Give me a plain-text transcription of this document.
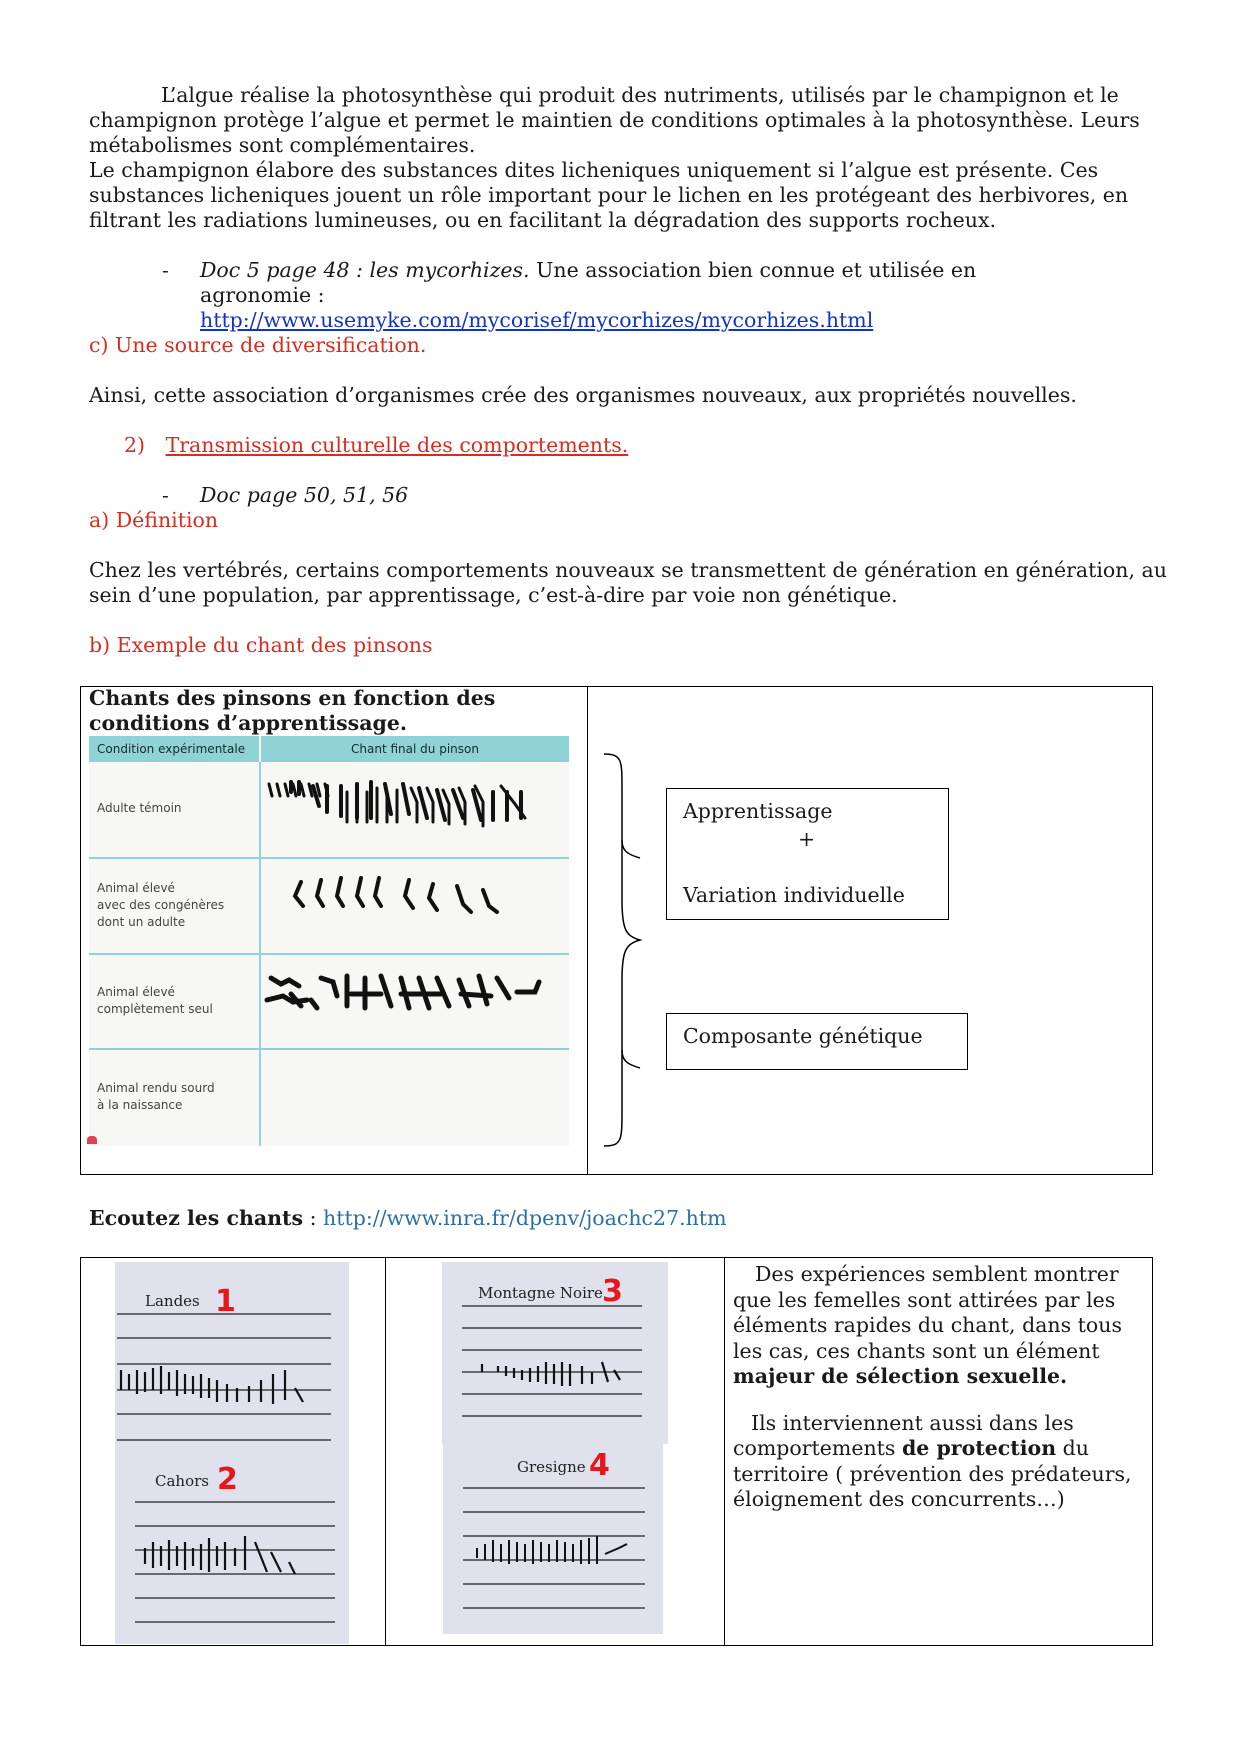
L’algue réalise la photosynthèse qui produit des nutriments, utilisés par le champignon et le champignon protège l’algue et permet le maintien de conditions optimales à la photosynthèse. Leurs métabolismes sont complémentaires.

Le champignon élabore des substances dites licheniques uniquement si l’algue est présente. Ces substances licheniques jouent un rôle important pour le lichen en les protégeant des herbivores, en filtrant les radiations lumineuses, ou en facilitant la dégradation des supports rocheux.

- Doc 5 page 48 : les mycorhizes. Une association bien connue et utilisée en agronomie :
http://www.usemyke.com/mycorisef/mycorhizes/mycorhizes.html

c) Une source de diversification.

Ainsi, cette association d’organismes crée des organismes nouveaux, aux propriétés nouvelles.

2) Transmission culturelle des comportements.

- Doc page 50, 51, 56

a) Définition

Chez les vertébrés, certains comportements nouveaux se transmettent de génération en génération, au sein d’une population, par apprentissage, c’est-à-dire par voie non génétique.

b) Exemple du chant des pinsons

Chants des pinsons en fonction des conditions d’apprentissage.
Condition expérimentale	Chant final du pinson
Adulte témoin
Animal élevé
avec des congénères
dont un adulte
Animal élevé
complètement seul
Animal rendu sourd
à la naissance
Apprentissage
+
Variation individuelle
Composante génétique

Ecoutez les chants : http://www.inra.fr/dpenv/joachc27.htm

Landes 1
Cahors 2
Montagne Noire 3
Gresigne 4

Des expériences semblent montrer que les femelles sont attirées par les éléments rapides du chant, dans tous les cas, ces chants sont un élément majeur de sélection sexuelle.

Ils interviennent aussi dans les comportements de protection du territoire ( prévention des prédateurs, éloignement des concurrents…)
